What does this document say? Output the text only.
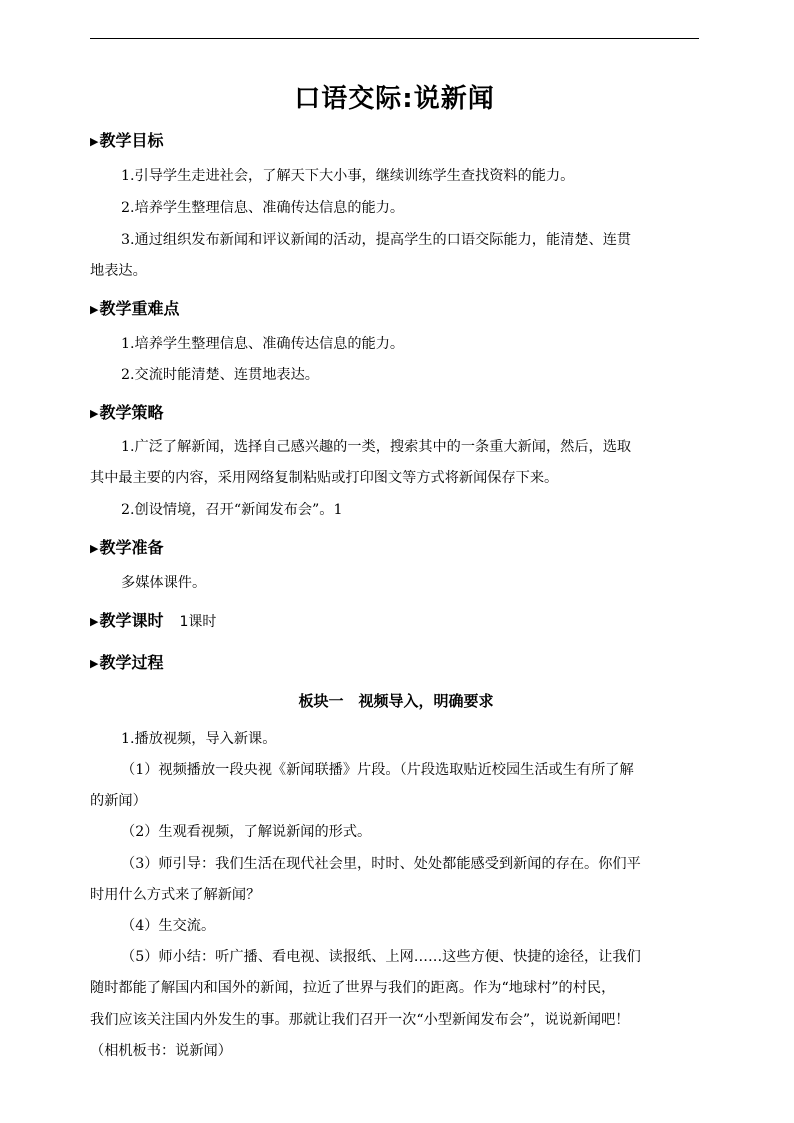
口语交际:说新闻
▶教学目标
1.引导学生走进社会，了解天下大小事，继续训练学生查找资料的能力。
2.培养学生整理信息、准确传达信息的能力。
3.通过组织发布新闻和评议新闻的活动，提高学生的口语交际能力，能清楚、连贯
地表达。
▶教学重难点
1.培养学生整理信息、准确传达信息的能力。
2.交流时能清楚、连贯地表达。
▶教学策略
1.广泛了解新闻，选择自己感兴趣的一类，搜索其中的一条重大新闻，然后，选取
其中最主要的内容，采用网络复制粘贴或打印图文等方式将新闻保存下来。
2.创设情境，召开“新闻发布会”。1
▶教学准备
多媒体课件。
▶教学课时 1课时
▶教学过程
板块一　视频导入，明确要求
1.播放视频，导入新课。
（1）视频播放一段央视《新闻联播》片段。（片段选取贴近校园生活或生有所了解
的新闻）
（2）生观看视频，了解说新闻的形式。
（3）师引导：我们生活在现代社会里，时时、处处都能感受到新闻的存在。你们平
时用什么方式来了解新闻？
（4）生交流。
（5）师小结：听广播、看电视、读报纸、上网……这些方便、快捷的途径，让我们
随时都能了解国内和国外的新闻，拉近了世界与我们的距离。作为“地球村”的村民，
我们应该关注国内外发生的事。那就让我们召开一次“小型新闻发布会”，说说新闻吧！
（相机板书：说新闻）
